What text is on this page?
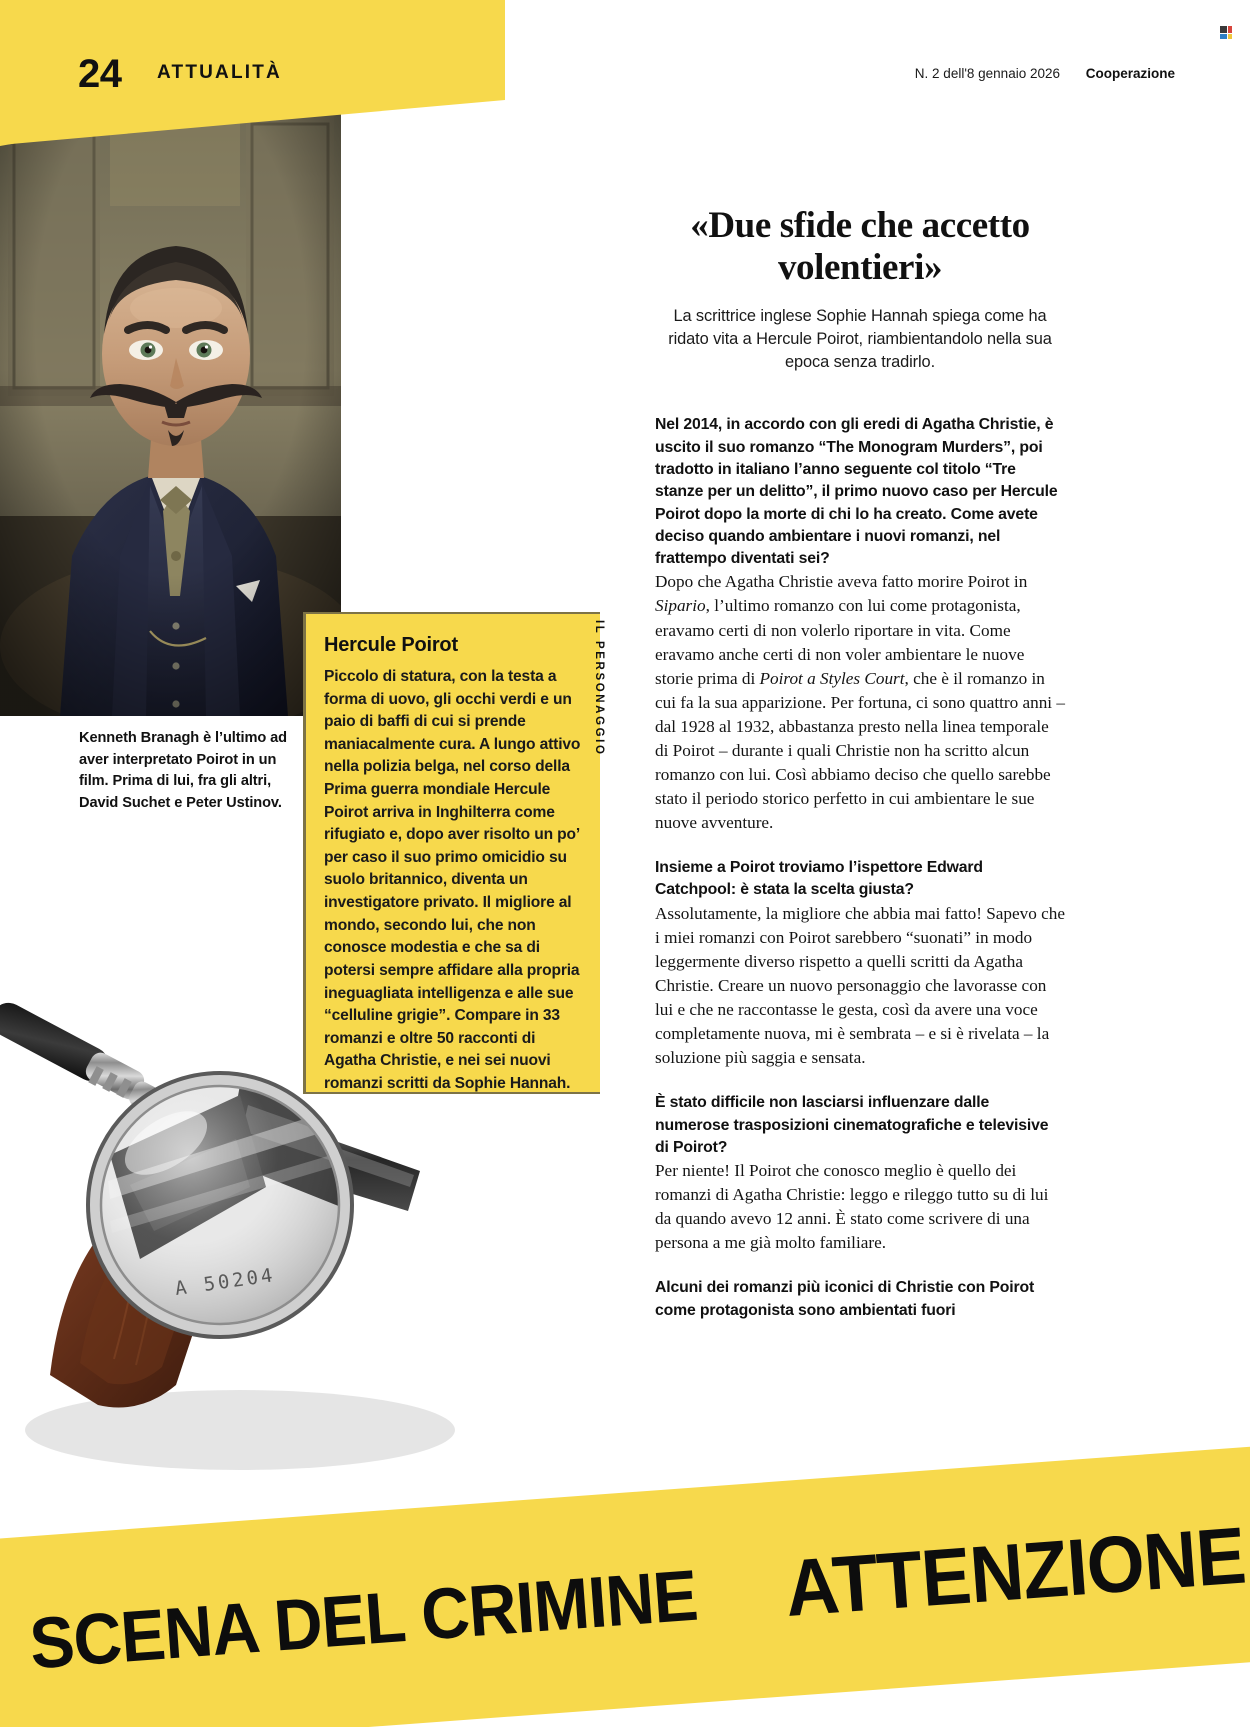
24 ATTUALITÀ	N. 2 dell'8 gennaio 2026 Cooperazione
Kenneth Branagh è l’ultimo ad aver interpretato Poirot in un film. Prima di lui, fra gli altri, David Suchet e Peter Ustinov.
Hercule Poirot
Piccolo di statura, con la testa a forma di uovo, gli occhi verdi e un paio di baffi di cui si prende maniacalmente cura. A lungo attivo nella polizia belga, nel corso della Prima guerra mondiale Hercule Poirot arriva in Inghilterra come rifugiato e, dopo aver risolto un po’ per caso il suo primo omicidio su suolo britannico, diventa un investigatore privato. Il migliore al mondo, secondo lui, che non conosce modestia e che sa di potersi sempre affidare alla propria ineguagliata intelligenza e alle sue “celluline grigie”. Compare in 33 romanzi e oltre 50 racconti di Agatha Christie, e nei sei nuovi romanzi scritti da Sophie Hannah.
IL PERSONAGGIO
«Due sfide che accetto volentieri»

La scrittrice inglese Sophie Hannah spiega come ha ridato vita a Hercule Poirot, riambientandolo nella sua epoca senza tradirlo.

Nel 2014, in accordo con gli eredi di Agatha Christie, è uscito il suo romanzo “The Monogram Murders”, poi tradotto in italiano l’anno seguente col titolo “Tre stanze per un delitto”, il primo nuovo caso per Hercule Poirot dopo la morte di chi lo ha creato. Come avete deciso quando ambientare i nuovi romanzi, nel frattempo diventati sei?

Dopo che Agatha Christie aveva fatto morire Poirot in Sipario, l’ultimo romanzo con lui come protagonista, eravamo certi di non volerlo riportare in vita. Come eravamo anche certi di non voler ambientare le nuove storie prima di Poirot a Styles Court, che è il romanzo in cui fa la sua apparizione. Per fortuna, ci sono quattro anni – dal 1928 al 1932, abbastanza presto nella linea temporale di Poirot – durante i quali Christie non ha scritto alcun romanzo con lui. Così abbiamo deciso che quello sarebbe stato il periodo storico perfetto in cui ambientare le sue nuove avventure.

Insieme a Poirot troviamo l’ispettore Edward Catchpool: è stata la scelta giusta?

Assolutamente, la migliore che abbia mai fatto! Sapevo che i miei romanzi con Poirot sarebbero “suonati” in modo leggermente diverso rispetto a quelli scritti da Agatha Christie. Creare un nuovo personaggio che lavorasse con lui e che ne raccontasse le gesta, così da avere una voce completamente nuova, mi è sembrata – e si è rivelata – la soluzione più saggia e sensata.

È stato difficile non lasciarsi influenzare dalle numerose trasposizioni cinematografiche e televisive di Poirot?

Per niente! Il Poirot che conosco meglio è quello dei romanzi di Agatha Christie: leggo e rileggo tutto su di lui da quando avevo 12 anni. È stato come scrivere di una persona a me già molto familiare.

Alcuni dei romanzi più iconici di Christie con Poirot come protagonista sono ambientati fuori

SCENA DEL CRIMINE ATTENZIONE
